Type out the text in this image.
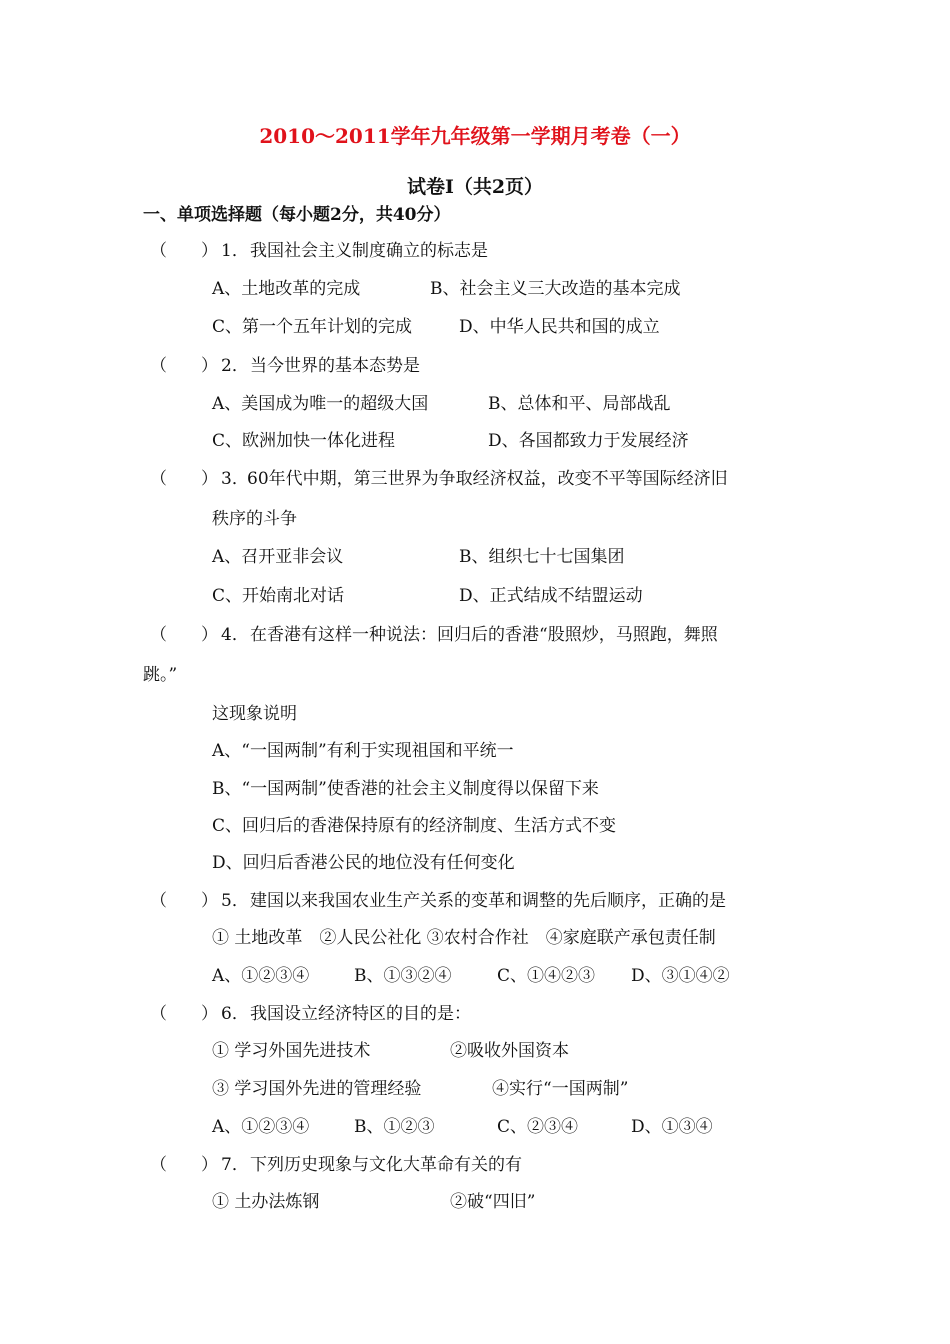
2010～2011学年九年级第一学期月考卷（一）
试卷Ⅰ（共2页）
一、单项选择题（每小题2分，共40分）
（　　） 1． 我国社会主义制度确立的标志是
A、土地改革的完成	B、社会主义三大改造的基本完成
C、第一个五年计划的完成	D、中华人民共和国的成立
（　　） 2． 当今世界的基本态势是
A、美国成为唯一的超级大国	B、总体和平、局部战乱
C、欧洲加快一体化进程	D、各国都致力于发展经济
（　　） 3．
60年代中期，第三世界为争取经济权益，改变不平等国际经济旧
秩序的斗争
A、召开亚非会议	B、组织七十七国集团
C、开始南北对话	D、正式结成不结盟运动
（　　） 4． 在香港有这样一种说法：回归后的香港“股照炒，马照跑，舞照
跳。”
这现象说明
A、“一国两制”有利于实现祖国和平统一
B、“一国两制”使香港的社会主义制度得以保留下来
C、回归后的香港保持原有的经济制度、生活方式不变
D、回归后香港公民的地位没有任何变化
（　　） 5． 建国以来我国农业生产关系的变革和调整的先后顺序，正确的是
① 土地改革　②人民公社化 ③农村合作社　④家庭联产承包责任制
A、①②③④	B、①③②④	C、①④②③ D、③①④②
（　　） 6． 我国设立经济特区的目的是：
① 学习外国先进技术	②吸收外国资本
③ 学习国外先进的管理经验	④实行“一国两制”
A、①②③④	B、①②③	C、②③④	D、①③④
（　　） 7． 下列历史现象与文化大革命有关的有
① 土办法炼钢	②破“四旧”
